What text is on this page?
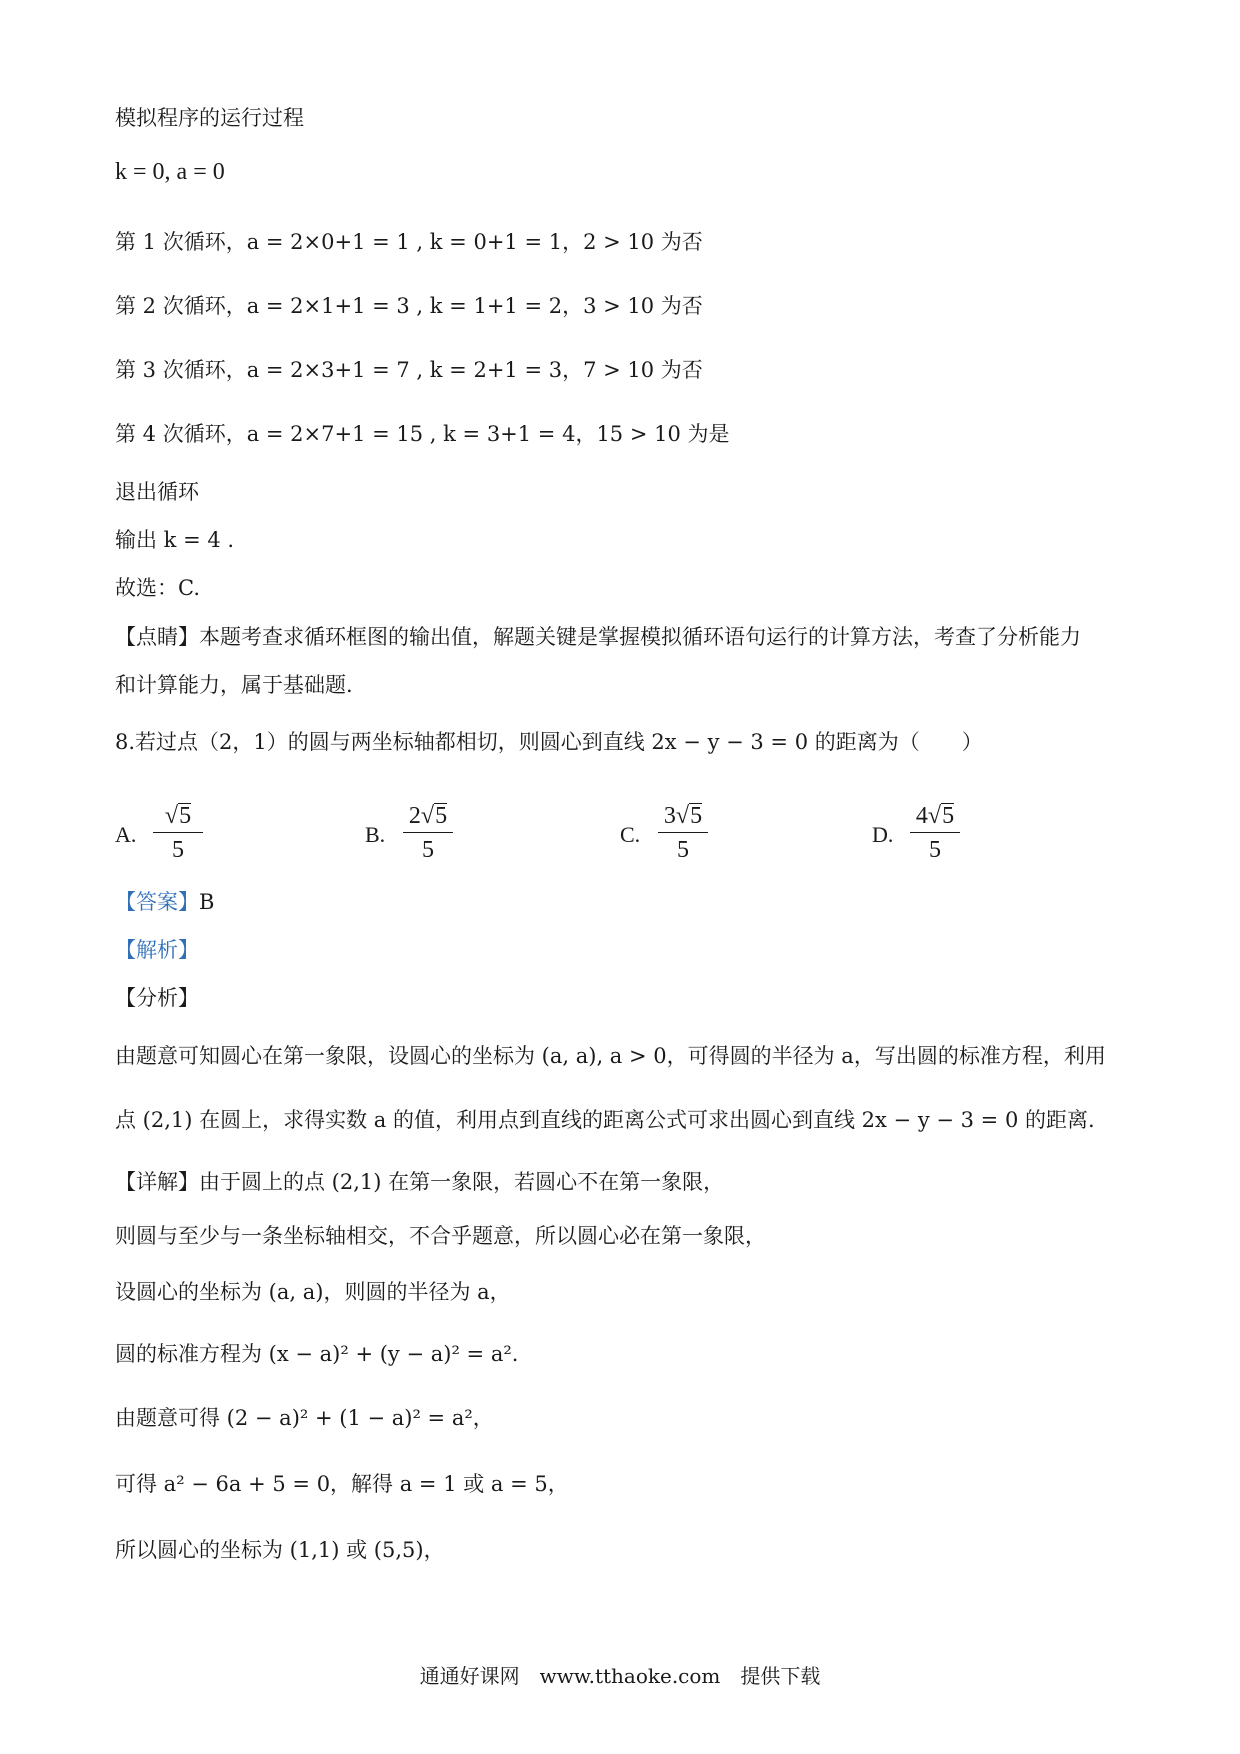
模拟程序的运行过程
k = 0, a = 0
第 1 次循环，a = 2×0+1 = 1 , k = 0+1 = 1，2 > 10 为否
第 2 次循环，a = 2×1+1 = 3 , k = 1+1 = 2，3 > 10 为否
第 3 次循环，a = 2×3+1 = 7 , k = 2+1 = 3，7 > 10 为否
第 4 次循环，a = 2×7+1 = 15 , k = 3+1 = 4，15 > 10 为是
退出循环
输出 k = 4 .
故选：C.
【点睛】本题考查求循环框图的输出值，解题关键是掌握模拟循环语句运行的计算方法，考查了分析能力
和计算能力，属于基础题.
8.若过点（2，1）的圆与两坐标轴都相切，则圆心到直线 2x − y − 3 = 0 的距离为（　　）
A. $\frac{√5}{5}$	B. $\frac{2√5}{5}$	C. $\frac{3√5}{5}$	D. $\frac{4√5}{5}$
【答案】B
【解析】
【分析】
由题意可知圆心在第一象限，设圆心的坐标为 (a, a), a > 0，可得圆的半径为 a，写出圆的标准方程，利用
点 (2,1) 在圆上，求得实数 a 的值，利用点到直线的距离公式可求出圆心到直线 2x − y − 3 = 0 的距离.
【详解】由于圆上的点 (2,1) 在第一象限，若圆心不在第一象限，
则圆与至少与一条坐标轴相交，不合乎题意，所以圆心必在第一象限，
设圆心的坐标为 (a, a)，则圆的半径为 a，
圆的标准方程为 (x − a)² + (y − a)² = a².
由题意可得 (2 − a)² + (1 − a)² = a²，
可得 a² − 6a + 5 = 0，解得 a = 1 或 a = 5，
所以圆心的坐标为 (1,1) 或 (5,5)，
通通好课网　www.tthaoke.com　提供下载
